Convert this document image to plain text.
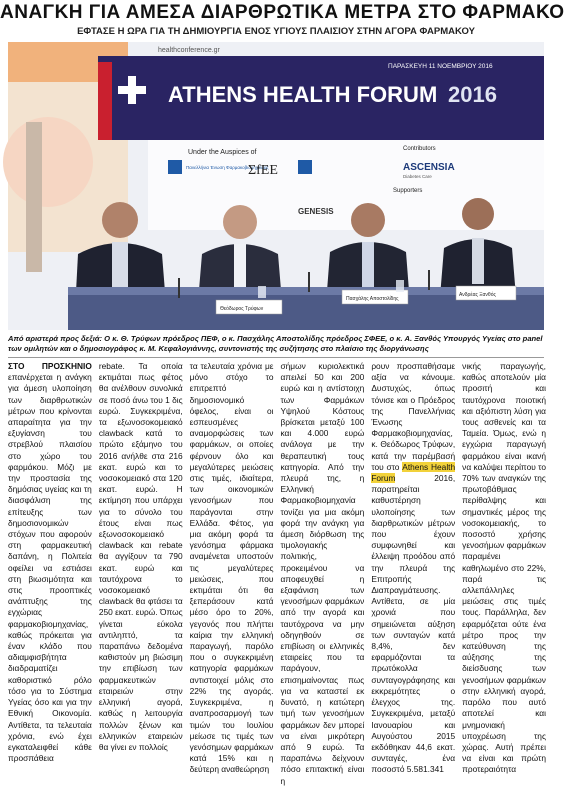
ΑΝΑΓΚΗ ΓΙΑ ΑΜΕΣΑ ΔΙΑΡΘΡΩΤΙΚΑ ΜΕΤΡΑ ΣΤΟ ΦΑΡΜΑΚΟ
ΕΦΤΑΣΕ Η ΩΡΑ ΓΙΑ ΤΗ ΔΗΜΙΟΥΡΓΙΑ ΕΝΟΣ ΥΓΙΟΥΣ ΠΛΑΙΣΙΟΥ ΣΤΗΝ ΑΓΟΡΑ ΦΑΡΜΑΚΟΥ
healthconference.gr
ATHENS HEALTH FORUM 2016
ΠΑΡΑΣΚΕΥΗ 11 ΝΟΕΜΒΡΙΟΥ 2016
Under the Auspices of	Contributors
Supporters
Πανελλήνια Ένωση Φαρμακοβιομηχανίας
ΣfΕΕ	ASCENSIA
Diabetes Care
GENESIS
Θεόδωρος Τρύφων
Πασχάλης Αποστολίδης
Ανδρέας Ξανθός
Από αριστερά προς δεξιά: Ο κ. Θ. Τρύφων πρόεδρος ΠΕΦ, ο κ. Πασχάλης Αποστολίδης πρόεδρος ΣΦΕΕ, ο κ. Α. Ξανθός Υπουργός Υγείας στο panel των ομιλητών και ο δημοσιογράφος κ. Μ. Κεφαλογιάννης, συντονιστής της συζήτησης στο πλαίσιο της διοργάνωσης
ΣΤΟ ΠΡΟΣΚΗΝΙΟ επανέρχεται η ανάγκη για άμεση υλοποίηση των διαρθρωτικών μέτρων που κρίνονται απαραίτητα για την εξυγίανση του στρεβλού πλαισίου στο χώρο του φαρμάκου. Μόζι με την προστασία της δημόσιας υγείας και τη διασφάλιση της επίτευξης των δημοσιονομικών στόχων που αφορούν στη φαρμακευτική δαπάνη, η Πολιτεία οφείλει να εστιάσει στη βιωσιμότητα και στις προοπτικές ανάπτυξης της εγχώριας φαρμακοβιομηχανίας, καθώς πρόκειται για έναν κλάδο που αδιαμφισβήτητα διαδραματίζει καθοριστικό ρόλο τόσο για το Σύστημα Υγείας όσο και για την Εθνική Οικονομία. Αντίθετα, τα τελευταία χρόνια, ενώ έχει εγκαταλειφθεί κάθε προσπάθεια
rebate. Τα οποία εκτιμάται πως φέτος θα ανέλθουν συνολικά σε ποσό άνω του 1 δις ευρώ. Συγκεκριμένα, τα εξωνοσοκομειακό clawback κατά το πρώτο εξάμηνο του 2016 ανήλθε στα 216 εκατ. ευρώ και το νοσοκομειακό στα 120 εκατ. ευρώ. Η εκτίμηση που υπάρχει για το σύνολο του έτους είναι πως εξωνοσοκομειακό clawback και rebate θα αγγίξουν τα 790 εκατ. ευρώ και ταυτόχρονα το νοσοκομειακό clawback θα φτάσει τα 250 εκατ. ευρώ. Όπως γίνεται εύκολα αντιληπτό, τα παραπάνω δεδομένα καθιστούν μη βιώσιμη την επιβίωση των φαρμακευτικών εταιρειών στην ελληνική αγορά, καθώς η λειτουργία πολλών ξένων και ελληνικών εταιρειών θα γίνει εν πολλοίς
τα τελευταία χρόνια με μόνο στόχο το επιτρεπτό δημοσιονομικό όφελος, είναι οι εσπευσμένες αναμορφώσεις των φαρμάκων, οι οποίες φέρνουν όλο και μεγαλύτερες μειώσεις στις τιμές, ιδιαίτερα, των οικονομικών γενοσήμων που παράγονται στην Ελλάδα. Φέτος, για μια ακόμη φορά τα γενόσημα φάρμακα αναμένεται υποστούν τις μεγαλύτερες μειώσεις, που εκτιμάται ότι θα ξεπεράσουν κατά μέσο όρο το 20%, γεγονός που πλήττει καίρια την ελληνική παραγωγή, παρόλο που ο συγκεκριμένη κατηγορία φαρμάκων αντιστοιχεί μόλις στο 22% της αγοράς. Συγκεκριμένα, η αναπροσαρμογή των τιμών του Ιουλίου μείωσε τις τιμές των γενόσημων φαρμάκων κατά 15% και η δεύτερη αναθεώρηση
σήμων κυριολεκτικά απειλεί 50 και 200 ευρώ και η αντίστοιχη των Φαρμάκων Υψηλού Κόστους βρίσκεται μεταξύ 100 και 4.000 ευρώ ανάλογα με την θεραπευτική τους κατηγορία. Από την πλευρά της, η Ελληνική Φαρμακοβιομηχανία τονίζει για μια ακόμη φορά την ανάγκη για άμεση διόρθωση της τιμολογιακής πολιτικής, προκειμένου να αποφευχθεί η εξαφάνιση των γενοσήμων φαρμάκων από την αγορά και ταυτόχρονα να μην οδηγηθούν σε επιβίωση οι ελληνικές εταιρείες που τα παράγουν, επισημαίνοντας πως για να καταστεί εκ δυνατό, η κατώτερη τιμή των γενοσήμων φαρμάκων δεν μπορεί να είναι μικρότερη από 9 ευρώ. Τα παραπάνω δείχνουν πόσο επιτακτική είναι η
ρουν προσπαθήσαμε αξία να κάνουμε. Δυστυχώς, όπως τόνισε και ο Πρόεδρος της Πανελλήνιας Ένωσης Φαρμακοβιομηχανίας, κ. Θεόδωρος Τρύφων, κατά την παρέμβασή του στο Athens Health Forum 2016, παρατηρείται καθυστέρηση υλοποίησης των διαρθρωτικών μέτρων που έχουν συμφωνηθεί και έλλειψη προόδου από την πλευρά της Επιτροπής Διαπραγμάτευσης. Αντίθετα, σε μία χρονιά που σημειώνεται αύξηση των συνταγών κατά 8,4%, δεν εφαρμόζονται τα πρωτόκολλα συνταγογράφησης και εκκρεμότητες ο έλεγχος της. Συγκεκριμένα, μεταξύ Ιανουαρίου και Αυγούστου 2015 εκδόθηκαν 44,6 εκατ. συνταγές, ένα ποσοστό 5.581.341
νικής παραγωγής, καθώς αποτελούν μία προσιτή και ταυτόχρονα ποιοτική και αξιόπιστη λύση για τους ασθενείς και τα Ταμεία. Όμως, ενώ η εγχώρια παραγωγή φαρμάκου είναι ικανή να καλύψει περίπου το 70% των αναγκών της πρωτοβάθμιας περίθαλψης και σημαντικές μέρος της νοσοκομειακής, το ποσοστό χρήσης γενοσήμων φαρμάκων παραμένει καθηλωμένο στο 22%, παρά τις αλλεπάλληλες μειώσεις στις τιμές τους. Παράλληλα, δεν εφαρμόζεται ούτε ένα μέτρο προς την κατεύθυνση της αύξησης της διείσδυσης των γενοσήμων φαρμάκων στην ελληνική αγορά, παρόλο που αυτό αποτελεί και μνημονιακή υποχρέωση της χώρας. Αυτή πρέπει να είναι και πρώτη προτεραιότητα
